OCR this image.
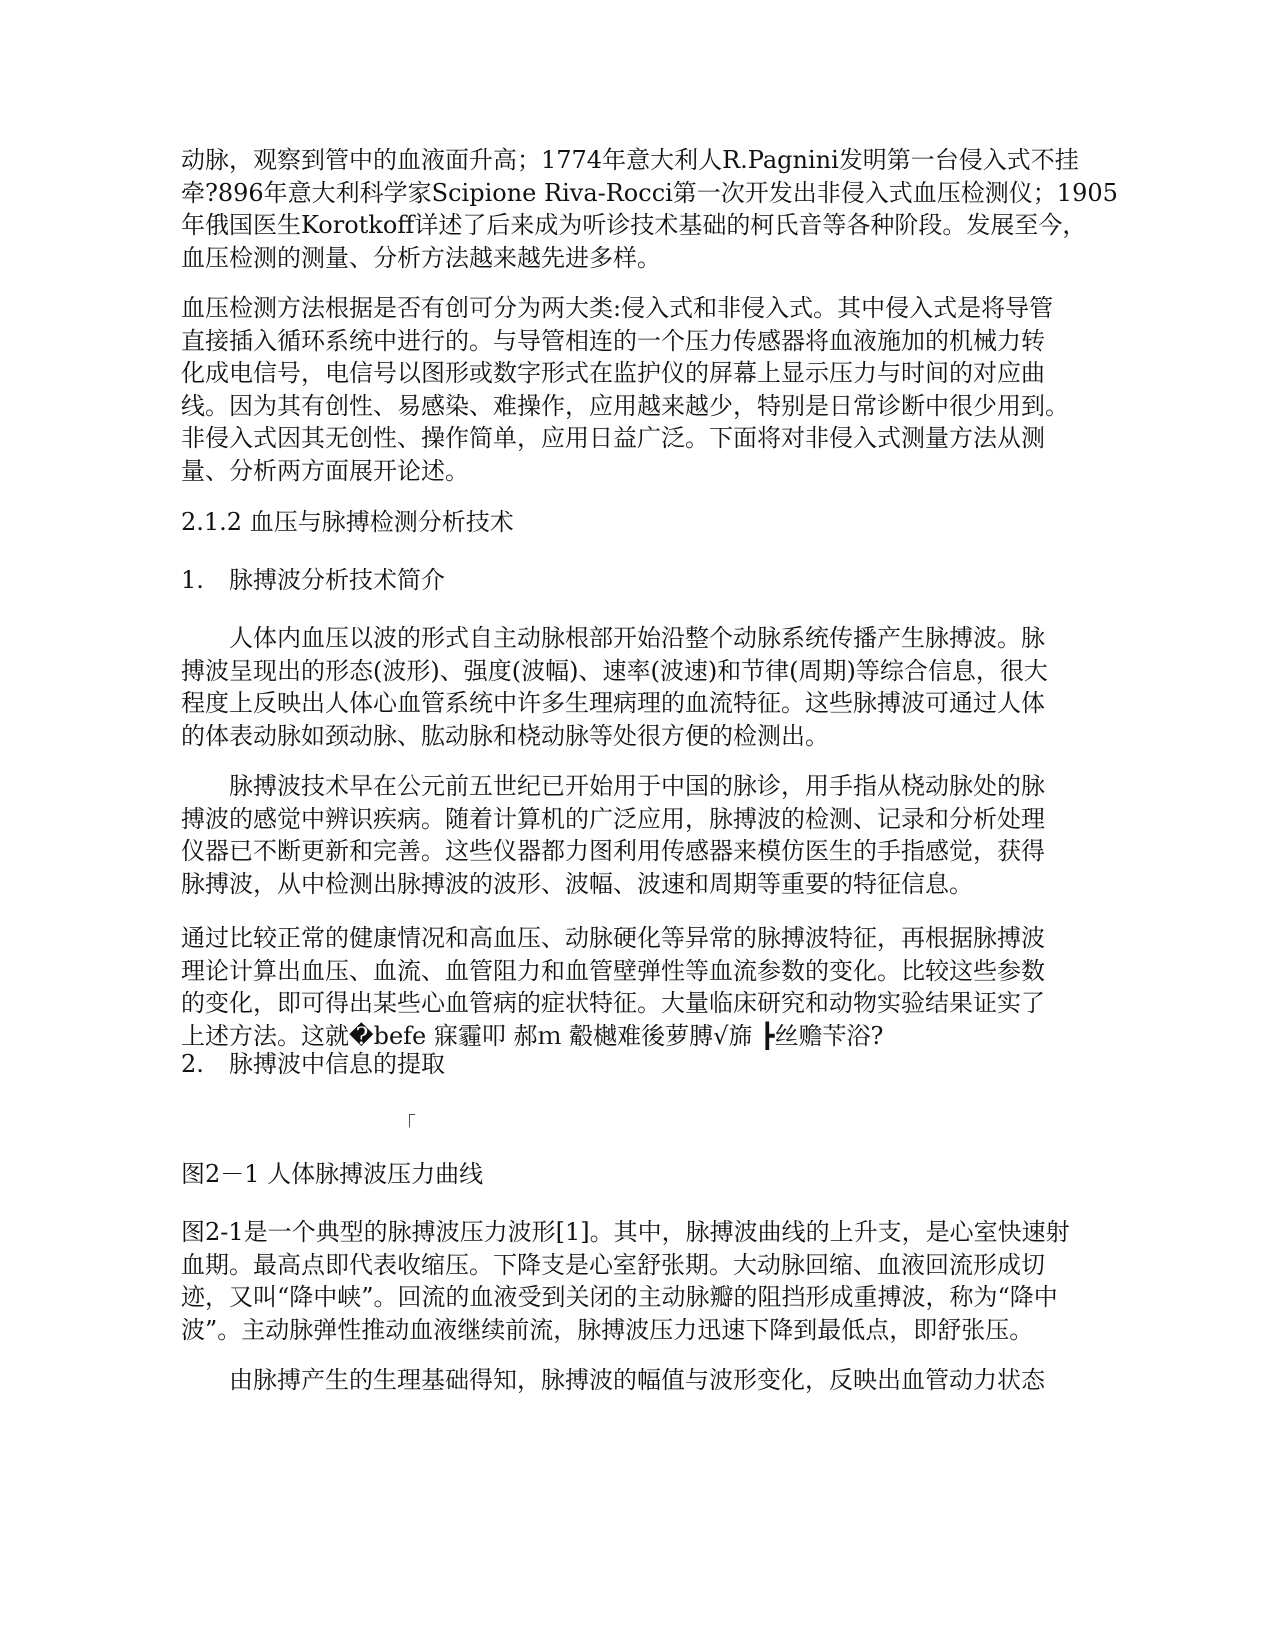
动脉，观察到管中的血液面升高；1774年意大利人R.Pagnini发明第一台侵入式不挂
牵?896年意大利科学家Scipione Riva-Rocci第一次开发出非侵入式血压检测仪；1905
年俄国医生Korotkoff详述了后来成为听诊技术基础的柯氏音等各种阶段。发展至今，
血压检测的测量、分析方法越来越先进多样。
血压检测方法根据是否有创可分为两大类:侵入式和非侵入式。其中侵入式是将导管
直接插入循环系统中进行的。与导管相连的一个压力传感器将血液施加的机械力转
化成电信号，电信号以图形或数字形式在监护仪的屏幕上显示压力与时间的对应曲
线。因为其有创性、易感染、难操作，应用越来越少，特别是日常诊断中很少用到。
非侵入式因其无创性、操作简单，应用日益广泛。下面将对非侵入式测量方法从测
量、分析两方面展开论述。
2.1.2 血压与脉搏检测分析技术
1. 脉搏波分析技术简介
人体内血压以波的形式自主动脉根部开始沿整个动脉系统传播产生脉搏波。脉
搏波呈现出的形态(波形)、强度(波幅)、速率(波速)和节律(周期)等综合信息，很大
程度上反映出人体心血管系统中许多生理病理的血流特征。这些脉搏波可通过人体
的体表动脉如颈动脉、肱动脉和桡动脉等处很方便的检测出。
脉搏波技术早在公元前五世纪已开始用于中国的脉诊，用手指从桡动脉处的脉
搏波的感觉中辨识疾病。随着计算机的广泛应用，脉搏波的检测、记录和分析处理
仪器已不断更新和完善。这些仪器都力图利用传感器来模仿医生的手指感觉，获得
脉搏波，从中检测出脉搏波的波形、波幅、波速和周期等重要的特征信息。
通过比较正常的健康情况和高血压、动脉硬化等异常的脉搏波特征，再根据脉搏波
理论计算出血压、血流、血管阻力和血管壁弹性等血流参数的变化。比较这些参数
的变化，即可得出某些心血管病的症状特征。大量临床研究和动物实验结果证实了
上述方法。这就�befe 寐霾叩 郝ｍ 觳樾难後萝膊√旆 ┣丝赡苄浴?
2. 脉搏波中信息的提取
「
图2－1 人体脉搏波压力曲线
图2-1是一个典型的脉搏波压力波形[1]。其中，脉搏波曲线的上升支，是心室快速射
血期。最高点即代表收缩压。下降支是心室舒张期。大动脉回缩、血液回流形成切
迹，又叫“降中峡”。回流的血液受到关闭的主动脉瓣的阻挡形成重搏波，称为“降中
波”。主动脉弹性推动血液继续前流，脉搏波压力迅速下降到最低点，即舒张压。
由脉搏产生的生理基础得知，脉搏波的幅值与波形变化，反映出血管动力状态
